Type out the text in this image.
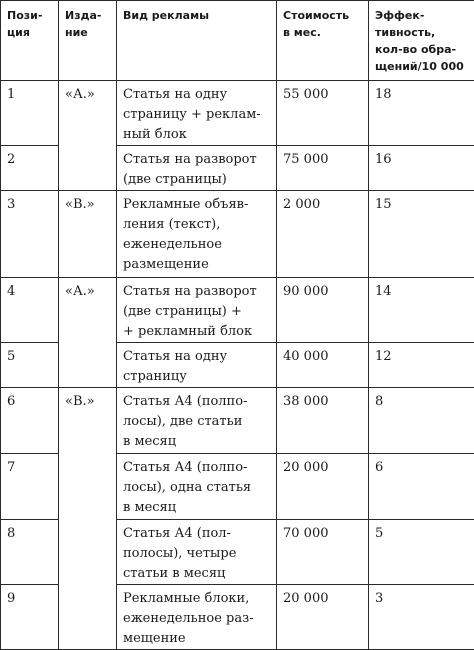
Пози-
ция	Изда-
ние	Вид рекламы	Стоимость
в мес.	Эффек-
тивность,
кол-во обра-
щений/10 000
1	«А.»	Статья на одну
страницу + реклам-
ный блок	55 000	18
2		Статья на разворот
(две страницы)	75 000	16
3	«В.»	Рекламные объяв-
ления (текст),
еженедельное
размещение	2 000	15
4	«А.»	Статья на разворот
(две страницы) +
+ рекламный блок	90 000	14
5		Статья на одну
страницу	40 000	12
6	«В.»	Статья А4 (полпо-
лосы), две статьи
в месяц	38 000	8
7		Статья А4 (полпо-
лосы), одна статья
в месяц	20 000	6
8		Статья А4 (пол-
полосы), четыре
статьи в месяц	70 000	5
9		Рекламные блоки,
еженедельное раз-
мещение	20 000	3
